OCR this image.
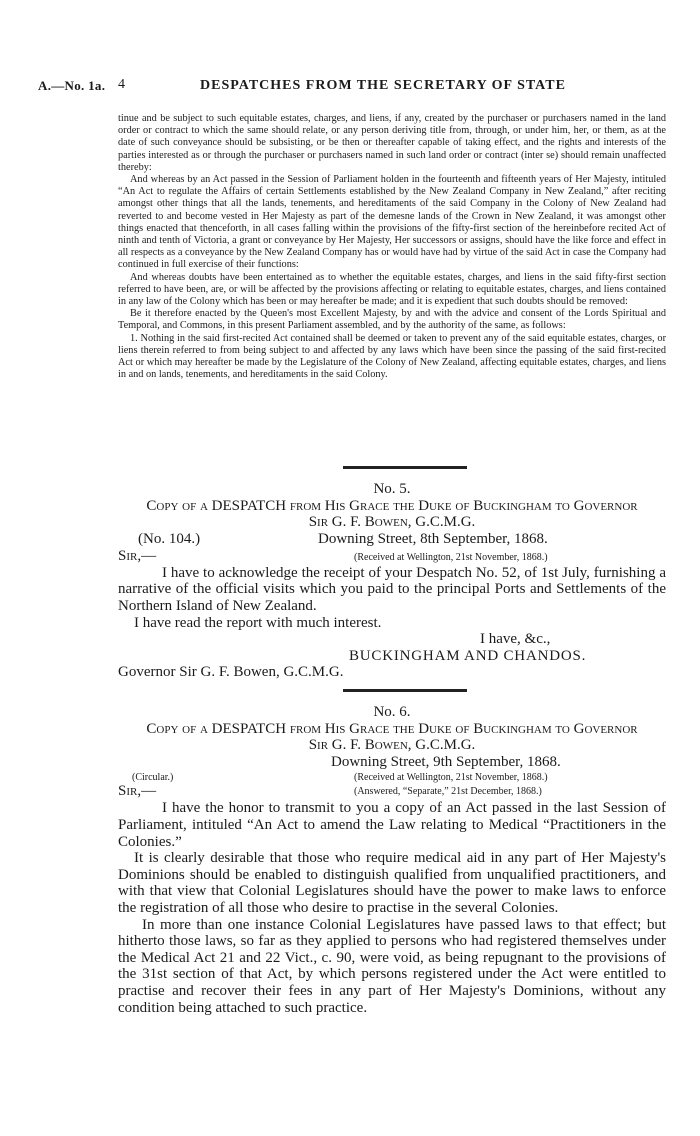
A.—No. 1a. 4	DESPATCHES FROM THE SECRETARY OF STATE

tinue and be subject to such equitable estates, charges, and liens, if any, created by the purchaser or purchasers named in the land order or contract to which the same should relate, or any person deriving title from, through, or under him, her, or them, as at the date of such conveyance should be subsisting, or be then or thereafter capable of taking effect, and the rights and interests of the parties interested as or through the purchaser or purchasers named in such land order or contract (inter se) should remain unaffected thereby:

And whereas by an Act passed in the Session of Parliament holden in the fourteenth and fifteenth years of Her Majesty, intituled “An Act to regulate the Affairs of certain Settlements established by the New Zealand Company in New Zealand,” after reciting amongst other things that all the lands, tenements, and hereditaments of the said Company in the Colony of New Zealand had reverted to and become vested in Her Majesty as part of the demesne lands of the Crown in New Zealand, it was amongst other things enacted that thenceforth, in all cases falling within the provisions of the fifty-first section of the hereinbefore recited Act of ninth and tenth of Victoria, a grant or conveyance by Her Majesty, Her successors or assigns, should have the like force and effect in all respects as a conveyance by the New Zealand Company has or would have had by virtue of the said Act in case the Company had continued in full exercise of their functions:

And whereas doubts have been entertained as to whether the equitable estates, charges, and liens in the said fifty-first section referred to have been, are, or will be affected by the provisions affecting or relating to equitable estates, charges, and liens contained in any law of the Colony which has been or may hereafter be made; and it is expedient that such doubts should be removed:

Be it therefore enacted by the Queen's most Excellent Majesty, by and with the advice and consent of the Lords Spiritual and Temporal, and Commons, in this present Parliament assembled, and by the authority of the same, as follows:

1. Nothing in the said first-recited Act contained shall be deemed or taken to prevent any of the said equitable estates, charges, or liens therein referred to from being subject to and affected by any laws which have been since the passing of the said first-recited Act or which may hereafter be made by the Legislature of the Colony of New Zealand, affecting equitable estates, charges, and liens in and on lands, tenements, and hereditaments in the said Colony.

No. 5.
Copy of a DESPATCH from His Grace the Duke of Buckingham to Governor
Sir G. F. Bowen, G.C.M.G.
(No. 104.)	Downing Street, 8th September, 1868.
Sir,—	(Received at Wellington, 21st November, 1868.)

I have to acknowledge the receipt of your Despatch No. 52, of 1st July, furnishing a narrative of the official visits which you paid to the principal Ports and Settlements of the Northern Island of New Zealand.

I have read the report with much interest.

I have, &c.,
BUCKINGHAM AND CHANDOS.
Governor Sir G. F. Bowen, G.C.M.G.
No. 6.
Copy of a DESPATCH from His Grace the Duke of Buckingham to Governor
Sir G. F. Bowen, G.C.M.G.
Downing Street, 9th September, 1868.
(Circular.)	(Received at Wellington, 21st November, 1868.)
Sir,—	(Answered, “Separate,” 21st December, 1868.)

I have the honor to transmit to you a copy of an Act passed in the last Session of Parliament, intituled “An Act to amend the Law relating to Medical “Practitioners in the Colonies.”

It is clearly desirable that those who require medical aid in any part of Her Majesty's Dominions should be enabled to distinguish qualified from unqualified practitioners, and with that view that Colonial Legislatures should have the power to make laws to enforce the registration of all those who desire to practise in the several Colonies.

In more than one instance Colonial Legislatures have passed laws to that effect; but hitherto those laws, so far as they applied to persons who had registered themselves under the Medical Act 21 and 22 Vict., c. 90, were void, as being repugnant to the provisions of the 31st section of that Act, by which persons registered under the Act were entitled to practise and recover their fees in any part of Her Majesty's Dominions, without any condition being attached to such practice.
